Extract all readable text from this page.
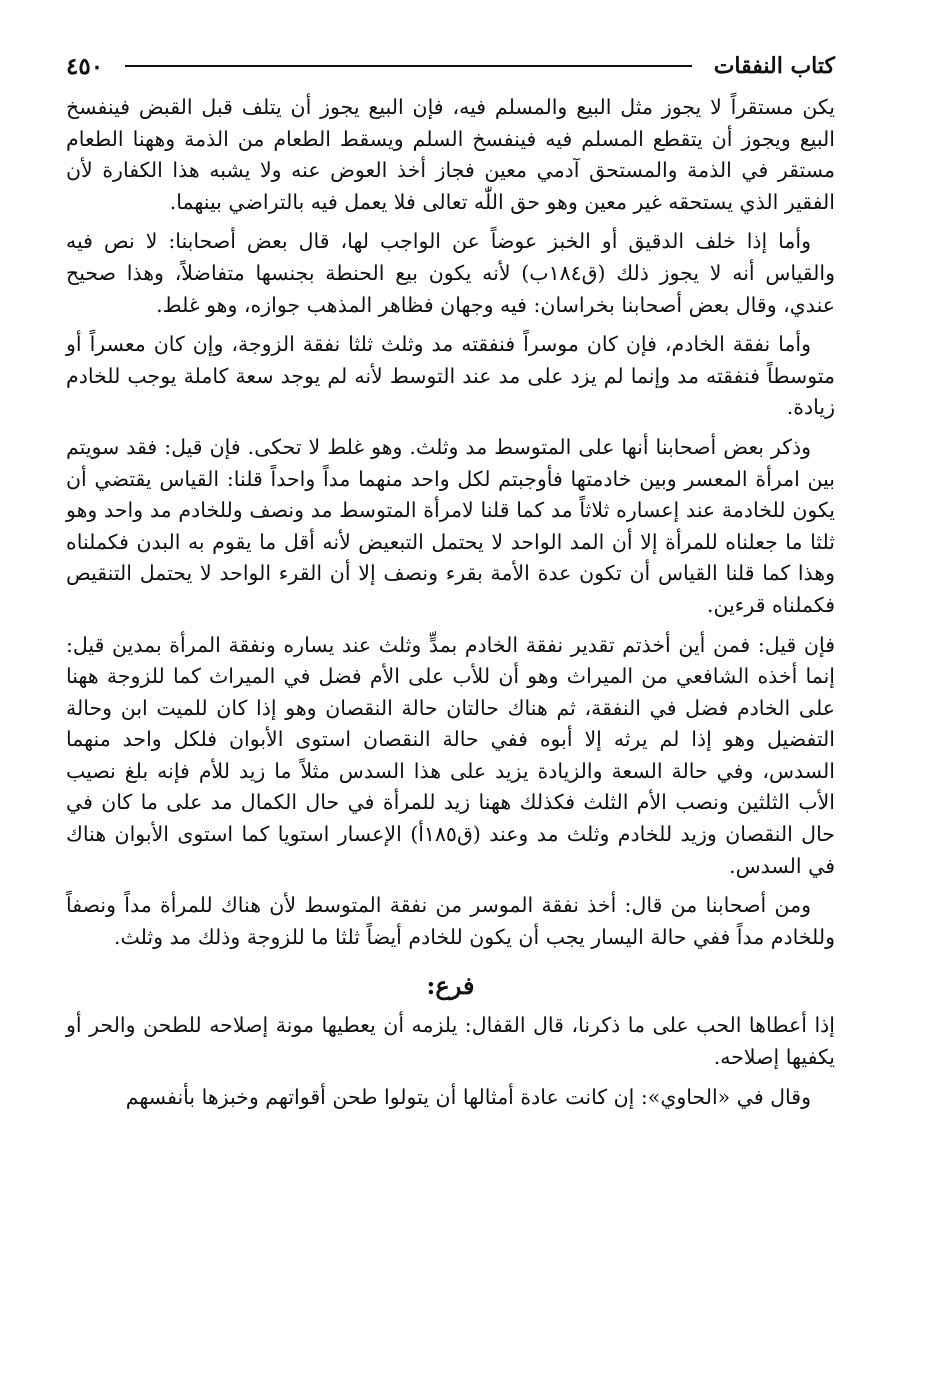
كتاب النفقات
٤٥٠

يكن مستقراً لا يجوز مثل البيع والمسلم فيه، فإن البيع يجوز أن يتلف قبل القبض فينفسخ البيع ويجوز أن يتقطع المسلم فيه فينفسخ السلم ويسقط الطعام من الذمة وههنا الطعام مستقر في الذمة والمستحق آدمي معين فجاز أخذ العوض عنه ولا يشبه هذا الكفارة لأن الفقير الذي يستحقه غير معين وهو حق اللّٰه تعالى فلا يعمل فيه بالتراضي بينهما.

وأما إذا خلف الدقيق أو الخبز عوضاً عن الواجب لها، قال بعض أصحابنا: لا نص فيه والقياس أنه لا يجوز ذلك (ق١٨٤ب) لأنه يكون بيع الحنطة بجنسها متفاضلاً، وهذا صحيح عندي، وقال بعض أصحابنا بخراسان: فيه وجهان فظاهر المذهب جوازه، وهو غلط.

وأما نفقة الخادم، فإن كان موسراً فنفقته مد وثلث ثلثا نفقة الزوجة، وإن كان معسراً أو متوسطاً فنفقته مد وإنما لم يزد على مد عند التوسط لأنه لم يوجد سعة كاملة يوجب للخادم زيادة.

وذكر بعض أصحابنا أنها على المتوسط مد وثلث. وهو غلط لا تحكى. فإن قيل: فقد سويتم بين امرأة المعسر وبين خادمتها فأوجبتم لكل واحد منهما مداً واحداً قلنا: القياس يقتضي أن يكون للخادمة عند إعساره ثلاثاً مد كما قلنا لامرأة المتوسط مد ونصف وللخادم مد واحد وهو ثلثا ما جعلناه للمرأة إلا أن المد الواحد لا يحتمل التبعيض لأنه أقل ما يقوم به البدن فكملناه وهذا كما قلنا القياس أن تكون عدة الأمة بقرء ونصف إلا أن القرء الواحد لا يحتمل التنقيص فكملناه قرءين.

فإن قيل: فمن أين أخذتم تقدير نفقة الخادم بمدٍّ وثلث عند يساره ونفقة المرأة بمدين قيل: إنما أخذه الشافعي من الميراث وهو أن للأب على الأم فضل في الميراث كما للزوجة ههنا على الخادم فضل في النفقة، ثم هناك حالتان حالة النقصان وهو إذا كان للميت ابن وحالة التفضيل وهو إذا لم يرثه إلا أبوه ففي حالة النقصان استوى الأبوان فلكل واحد منهما السدس، وفي حالة السعة والزيادة يزيد على هذا السدس مثلاً ما زيد للأم فإنه بلغ نصيب الأب الثلثين ونصب الأم الثلث فكذلك ههنا زيد للمرأة في حال الكمال مد على ما كان في حال النقصان وزيد للخادم وثلث مد وعند (ق١٨٥أ) الإعسار استويا كما استوى الأبوان هناك في السدس.

ومن أصحابنا من قال: أخذ نفقة الموسر من نفقة المتوسط لأن هناك للمرأة مداً ونصفاً وللخادم مداً ففي حالة اليسار يجب أن يكون للخادم أيضاً ثلثا ما للزوجة وذلك مد وثلث.

فرع:

إذا أعطاها الحب على ما ذكرنا، قال القفال: يلزمه أن يعطيها مونة إصلاحه للطحن والحر أو يكفيها إصلاحه.

وقال في «الحاوي»: إن كانت عادة أمثالها أن يتولوا طحن أقواتهم وخبزها بأنفسهم
